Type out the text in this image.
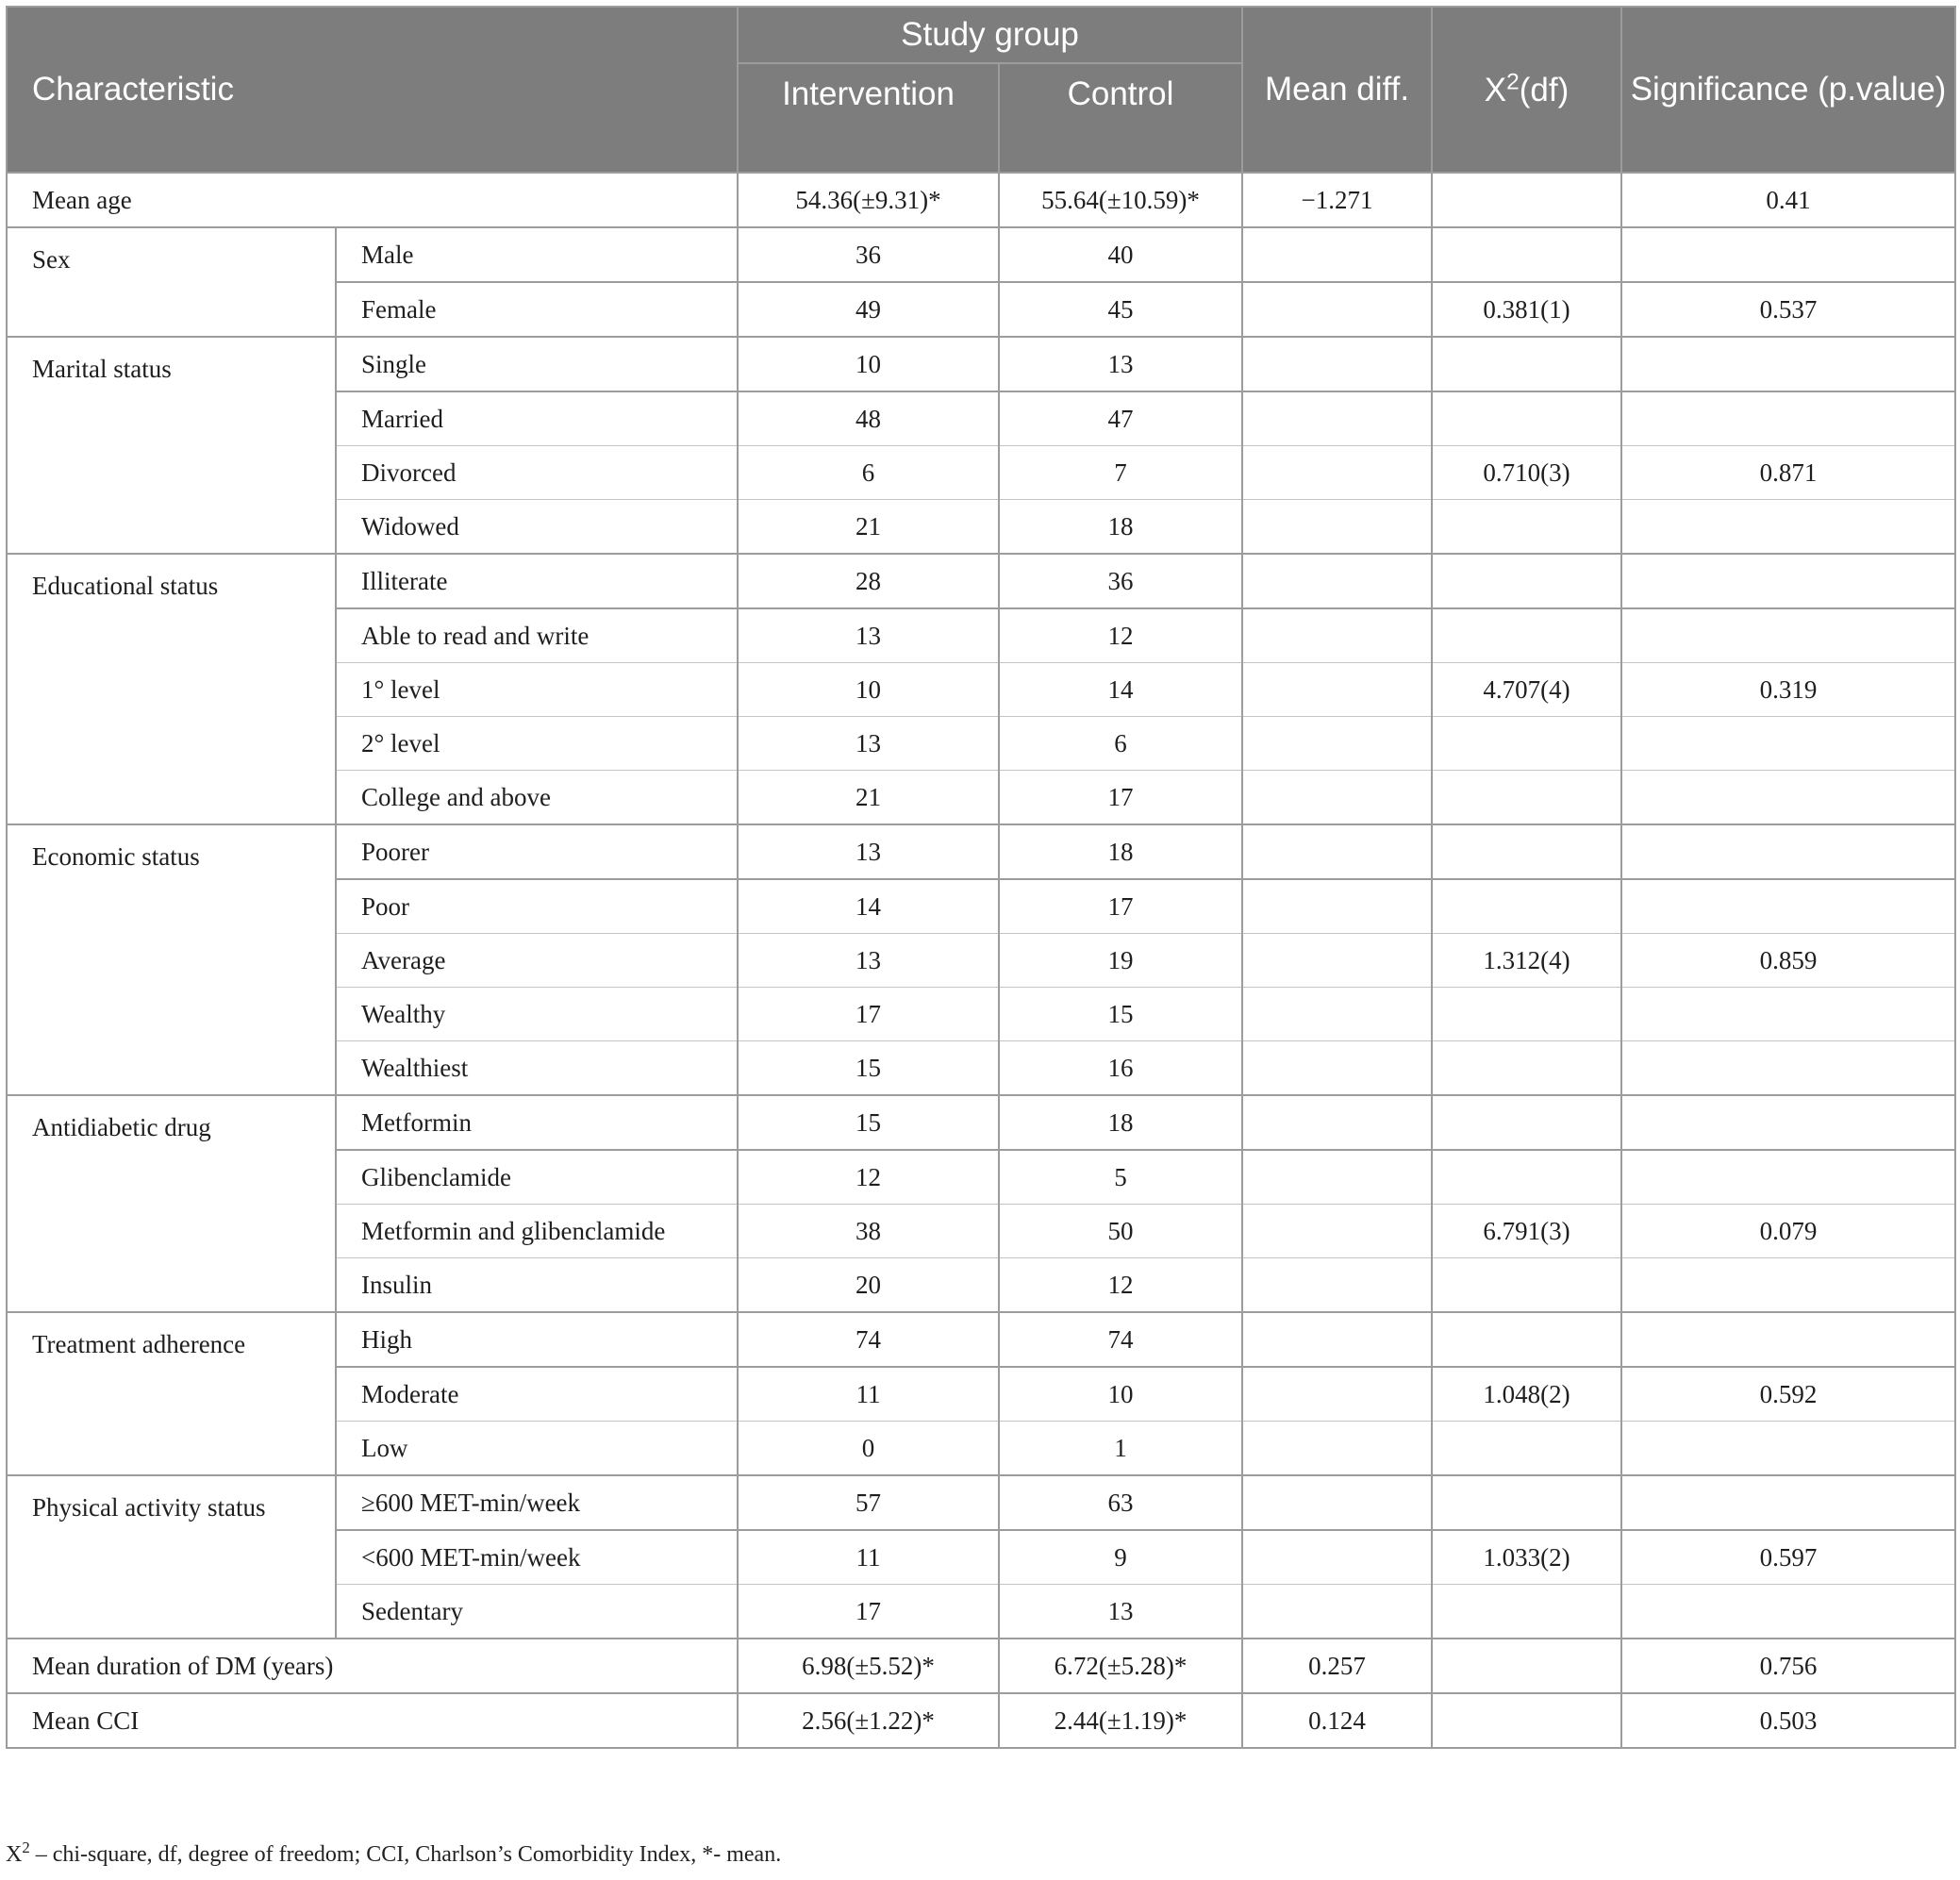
Characteristic		Study group		Mean diff.	$X^2(df)$	Significance (p.value)
		Intervention	Control			
Mean age		54.36(±9.31)*	55.64(±10.59)*	−1.271		0.41
Sex	Male	36	40			
	Female	49	45		0.381(1)	0.537
Marital status	Single	10	13			
	Married	48	47			
	Divorced	6	7		0.710(3)	0.871
	Widowed	21	18			
Educational status	Illiterate	28	36			
	Able to read and write	13	12			
	1° level	10	14		4.707(4)	0.319
	2° level	13	6			
	College and above	21	17			
Economic status	Poorer	13	18			
	Poor	14	17			
	Average	13	19		1.312(4)	0.859
	Wealthy	17	15			
	Wealthiest	15	16			
Antidiabetic drug	Metformin	15	18			
	Glibenclamide	12	5			
	Metformin and glibenclamide	38	50		6.791(3)	0.079
	Insulin	20	12			
Treatment adherence	High	74	74			
	Moderate	11	10		1.048(2)	0.592
	Low	0	1			
Physical activity status	≥600 MET-min/week	57	63			
	<600 MET-min/week	11	9		1.033(2)	0.597
	Sedentary	17	13			
Mean duration of DM (years)		6.98(±5.52)*	6.72(±5.28)*	0.257		0.756
Mean CCI		2.56(±1.22)*	2.44(±1.19)*	0.124		0.503
$X^2$ – chi-square, df, degree of freedom; CCI, Charlson’s Comorbidity Index, *- mean.
